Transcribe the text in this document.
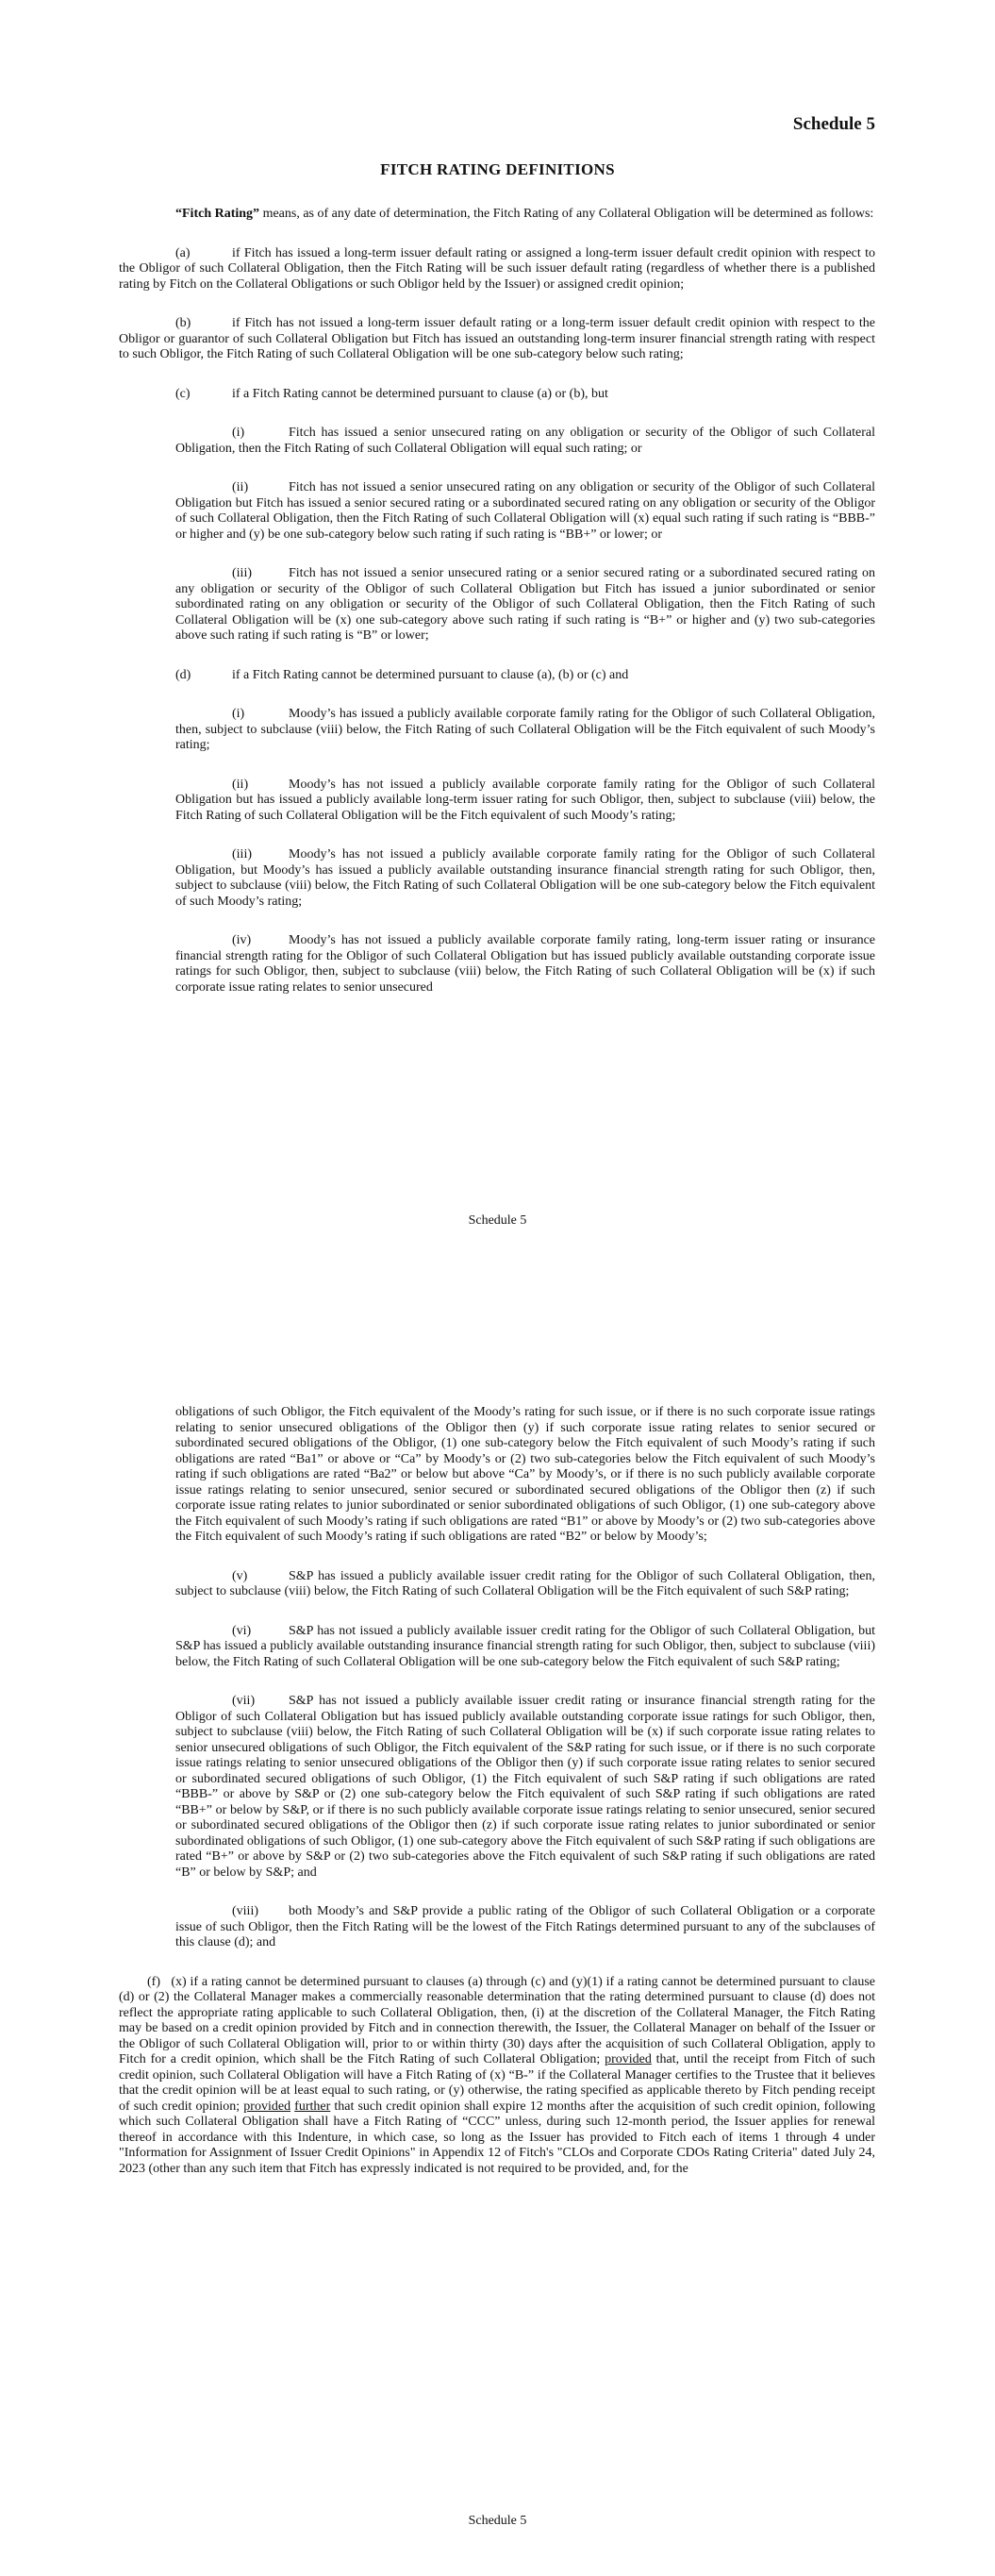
Schedule 5
FITCH RATING DEFINITIONS

“Fitch Rating” means, as of any date of determination, the Fitch Rating of any Collateral Obligation will be determined as follows:

(a)	if Fitch has issued a long-term issuer default rating or assigned a long-term issuer default credit opinion with respect to the Obligor of such Collateral Obligation, then the Fitch Rating will be such issuer default rating (regardless of whether there is a published rating by Fitch on the Collateral Obligations or such Obligor held by the Issuer) or assigned credit opinion;

(b)	if Fitch has not issued a long-term issuer default rating or a long-term issuer default credit opinion with respect to the Obligor or guarantor of such Collateral Obligation but Fitch has issued an outstanding long-term insurer financial strength rating with respect to such Obligor, the Fitch Rating of such Collateral Obligation will be one sub-category below such rating;

(c)	if a Fitch Rating cannot be determined pursuant to clause (a) or (b), but

(i)	Fitch has issued a senior unsecured rating on any obligation or security of the Obligor of such Collateral Obligation, then the Fitch Rating of such Collateral Obligation will equal such rating; or

(ii)	Fitch has not issued a senior unsecured rating on any obligation or security of the Obligor of such Collateral Obligation but Fitch has issued a senior secured rating or a subordinated secured rating on any obligation or security of the Obligor of such Collateral Obligation, then the Fitch Rating of such Collateral Obligation will (x) equal such rating if such rating is “BBB-” or higher and (y) be one sub-category below such rating if such rating is “BB+” or lower; or

(iii)	Fitch has not issued a senior unsecured rating or a senior secured rating or a subordinated secured rating on any obligation or security of the Obligor of such Collateral Obligation but Fitch has issued a junior subordinated or senior subordinated rating on any obligation or security of the Obligor of such Collateral Obligation, then the Fitch Rating of such Collateral Obligation will be (x) one sub-category above such rating if such rating is “B+” or higher and (y) two sub-categories above such rating if such rating is “B” or lower;

(d)	if a Fitch Rating cannot be determined pursuant to clause (a), (b) or (c) and

(i)	Moody’s has issued a publicly available corporate family rating for the Obligor of such Collateral Obligation, then, subject to subclause (viii) below, the Fitch Rating of such Collateral Obligation will be the Fitch equivalent of such Moody’s rating;

(ii)	Moody’s has not issued a publicly available corporate family rating for the Obligor of such Collateral Obligation but has issued a publicly available long-term issuer rating for such Obligor, then, subject to subclause (viii) below, the Fitch Rating of such Collateral Obligation will be the Fitch equivalent of such Moody’s rating;

(iii)	Moody’s has not issued a publicly available corporate family rating for the Obligor of such Collateral Obligation, but Moody’s has issued a publicly available outstanding insurance financial strength rating for such Obligor, then, subject to subclause (viii) below, the Fitch Rating of such Collateral Obligation will be one sub-category below the Fitch equivalent of such Moody’s rating;

(iv)	Moody’s has not issued a publicly available corporate family rating, long-term issuer rating or insurance financial strength rating for the Obligor of such Collateral Obligation but has issued publicly available outstanding corporate issue ratings for such Obligor, then, subject to subclause (viii) below, the Fitch Rating of such Collateral Obligation will be (x) if such corporate issue rating relates to senior unsecured

Schedule 5

obligations of such Obligor, the Fitch equivalent of the Moody’s rating for such issue, or if there is no such corporate issue ratings relating to senior unsecured obligations of the Obligor then (y) if such corporate issue rating relates to senior secured or subordinated secured obligations of the Obligor, (1) one sub-category below the Fitch equivalent of such Moody’s rating if such obligations are rated “Ba1” or above or “Ca” by Moody’s or (2) two sub-categories below the Fitch equivalent of such Moody’s rating if such obligations are rated “Ba2” or below but above “Ca” by Moody’s, or if there is no such publicly available corporate issue ratings relating to senior unsecured, senior secured or subordinated secured obligations of the Obligor then (z) if such corporate issue rating relates to junior subordinated or senior subordinated obligations of such Obligor, (1) one sub-category above the Fitch equivalent of such Moody’s rating if such obligations are rated “B1” or above by Moody’s or (2) two sub-categories above the Fitch equivalent of such Moody’s rating if such obligations are rated “B2” or below by Moody’s;

(v)	S&P has issued a publicly available issuer credit rating for the Obligor of such Collateral Obligation, then, subject to subclause (viii) below, the Fitch Rating of such Collateral Obligation will be the Fitch equivalent of such S&P rating;

(vi)	S&P has not issued a publicly available issuer credit rating for the Obligor of such Collateral Obligation, but S&P has issued a publicly available outstanding insurance financial strength rating for such Obligor, then, subject to subclause (viii) below, the Fitch Rating of such Collateral Obligation will be one sub-category below the Fitch equivalent of such S&P rating;

(vii)	S&P has not issued a publicly available issuer credit rating or insurance financial strength rating for the Obligor of such Collateral Obligation but has issued publicly available outstanding corporate issue ratings for such Obligor, then, subject to subclause (viii) below, the Fitch Rating of such Collateral Obligation will be (x) if such corporate issue rating relates to senior unsecured obligations of such Obligor, the Fitch equivalent of the S&P rating for such issue, or if there is no such corporate issue ratings relating to senior unsecured obligations of the Obligor then (y) if such corporate issue rating relates to senior secured or subordinated secured obligations of such Obligor, (1) the Fitch equivalent of such S&P rating if such obligations are rated “BBB-” or above by S&P or (2) one sub-category below the Fitch equivalent of such S&P rating if such obligations are rated “BB+” or below by S&P, or if there is no such publicly available corporate issue ratings relating to senior unsecured, senior secured or subordinated secured obligations of the Obligor then (z) if such corporate issue rating relates to junior subordinated or senior subordinated obligations of such Obligor, (1) one sub-category above the Fitch equivalent of such S&P rating if such obligations are rated “B+” or above by S&P or (2) two sub-categories above the Fitch equivalent of such S&P rating if such obligations are rated “B” or below by S&P; and

(viii) both Moody’s and S&P provide a public rating of the Obligor of such Collateral Obligation or a corporate issue of such Obligor, then the Fitch Rating will be the lowest of the Fitch Ratings determined pursuant to any of the subclauses of this clause (d); and

(f) (x) if a rating cannot be determined pursuant to clauses (a) through (c) and (y)(1) if a rating cannot be determined pursuant to clause (d) or (2) the Collateral Manager makes a commercially reasonable determination that the rating determined pursuant to clause (d) does not reflect the appropriate rating applicable to such Collateral Obligation, then, (i) at the discretion of the Collateral Manager, the Fitch Rating may be based on a credit opinion provided by Fitch and in connection therewith, the Issuer, the Collateral Manager on behalf of the Issuer or the Obligor of such Collateral Obligation will, prior to or within thirty (30) days after the acquisition of such Collateral Obligation, apply to Fitch for a credit opinion, which shall be the Fitch Rating of such Collateral Obligation; provided that, until the receipt from Fitch of such credit opinion, such Collateral Obligation will have a Fitch Rating of (x) “B-” if the Collateral Manager certifies to the Trustee that it believes that the credit opinion will be at least equal to such rating, or (y) otherwise, the rating specified as applicable thereto by Fitch pending receipt of such credit opinion; provided further that such credit opinion shall expire 12 months after the acquisition of such credit opinion, following which such Collateral Obligation shall have a Fitch Rating of “CCC” unless, during such 12-month period, the Issuer applies for renewal thereof in accordance with this Indenture, in which case, so long as the Issuer has provided to Fitch each of items 1 through 4 under "Information for Assignment of Issuer Credit Opinions" in Appendix 12 of Fitch's "CLOs and Corporate CDOs Rating Criteria" dated July 24, 2023 (other than any such item that Fitch has expressly indicated is not required to be provided, and, for the

Schedule 5
